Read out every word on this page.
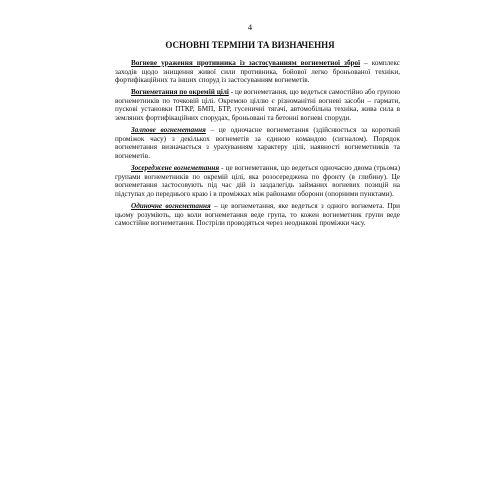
4
ОСНОВНІ ТЕРМІНИ ТА ВИЗНАЧЕННЯ

Вогневе ураження противника із застосуванням вогнеметної зброї – комплекс заходів щодо знищення живої сили противника, бойової легко броньованої техніки, фортифікаційних та інших споруд із застосуванням вогнеметів.

Вогнеметання по окремій цілі - це вогнеметання, що ведеться самостійно або групою вогнеметників по точковій цілі. Окремою ціллю є різноманітні вогневі засоби – гармати, пускові установки ПТКР, БМП, БТР, гусеничні тягачі, автомобільна техніка, жива сила в земляних фортифікаційних спорудах, броньовані та бетонні вогневі споруди.

Залпове вогнеметання – це одночасне вогнеметання (здійснюється за короткий проміжок часу) з декількох вогнеметів за єдиною командою (сигналом). Порядок вогнеметання визначається з урахуванням характеру цілі, наявності вогнеметників та вогнеметів.

Зосереджене вогнеметання - це вогнеметання, що ведеться одночасно двома (трьома) групами вогнеметників по окремій цілі, яка розосереджена по фронту (в глибину). Це вогнеметання застосовують під час дій із заздалегідь займаних вогневих позицій на підступах до переднього краю і в проміжках між районами оборони (опорними пунктами).

Одиночне вогнеметання – це вогнеметання, яке ведеться з одного вогнемета. При цьому розуміють, що коли вогнеметання веде група, то кожен вогнеметник групи веде самостійне вогнеметання. Постріли проводяться через неоднакові проміжки часу.
